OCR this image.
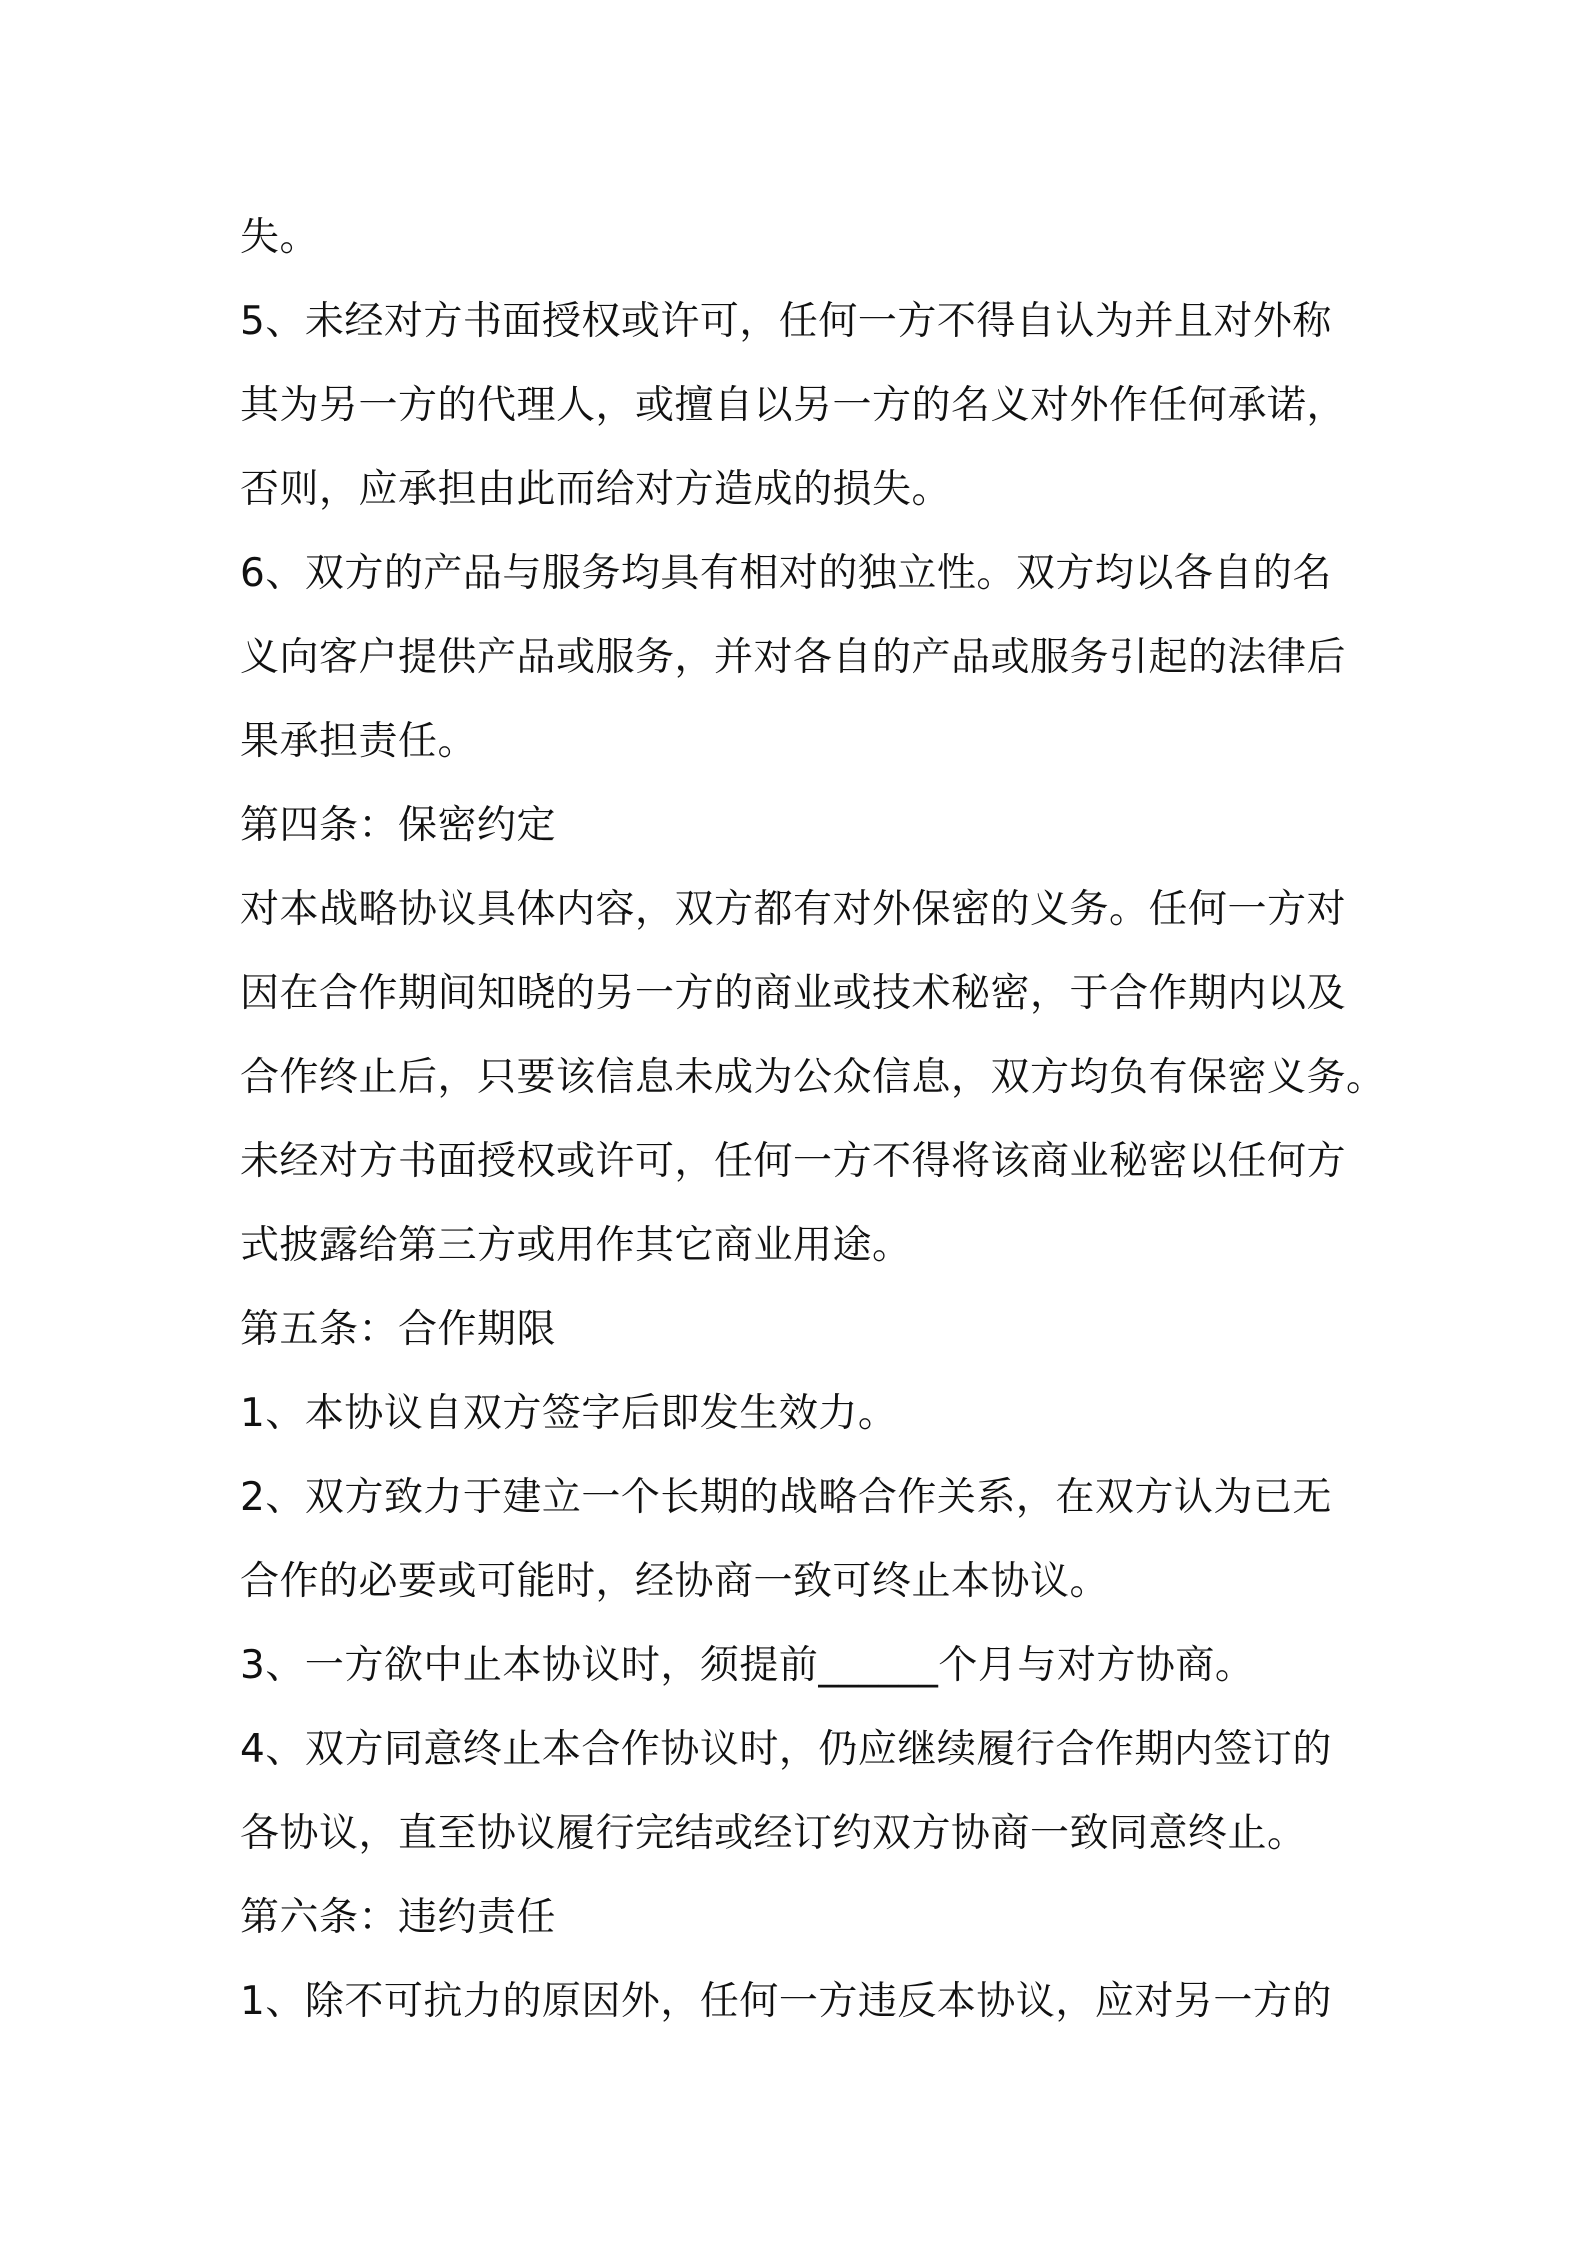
失。
5、未经对方书面授权或许可，任何一方不得自认为并且对外称
其为另一方的代理人，或擅自以另一方的名义对外作任何承诺，
否则，应承担由此而给对方造成的损失。
6、双方的产品与服务均具有相对的独立性。双方均以各自的名
义向客户提供产品或服务，并对各自的产品或服务引起的法律后
果承担责任。
第四条：保密约定
对本战略协议具体内容，双方都有对外保密的义务。任何一方对
因在合作期间知晓的另一方的商业或技术秘密，于合作期内以及
合作终止后，只要该信息未成为公众信息，双方均负有保密义务。
未经对方书面授权或许可，任何一方不得将该商业秘密以任何方
式披露给第三方或用作其它商业用途。
第五条：合作期限
1、本协议自双方签字后即发生效力。
2、双方致力于建立一个长期的战略合作关系，在双方认为已无
合作的必要或可能时，经协商一致可终止本协议。
3、一方欲中止本协议时，须提前______个月与对方协商。
4、双方同意终止本合作协议时，仍应继续履行合作期内签订的
各协议，直至协议履行完结或经订约双方协商一致同意终止。
第六条：违约责任
1、除不可抗力的原因外，任何一方违反本协议，应对另一方的
